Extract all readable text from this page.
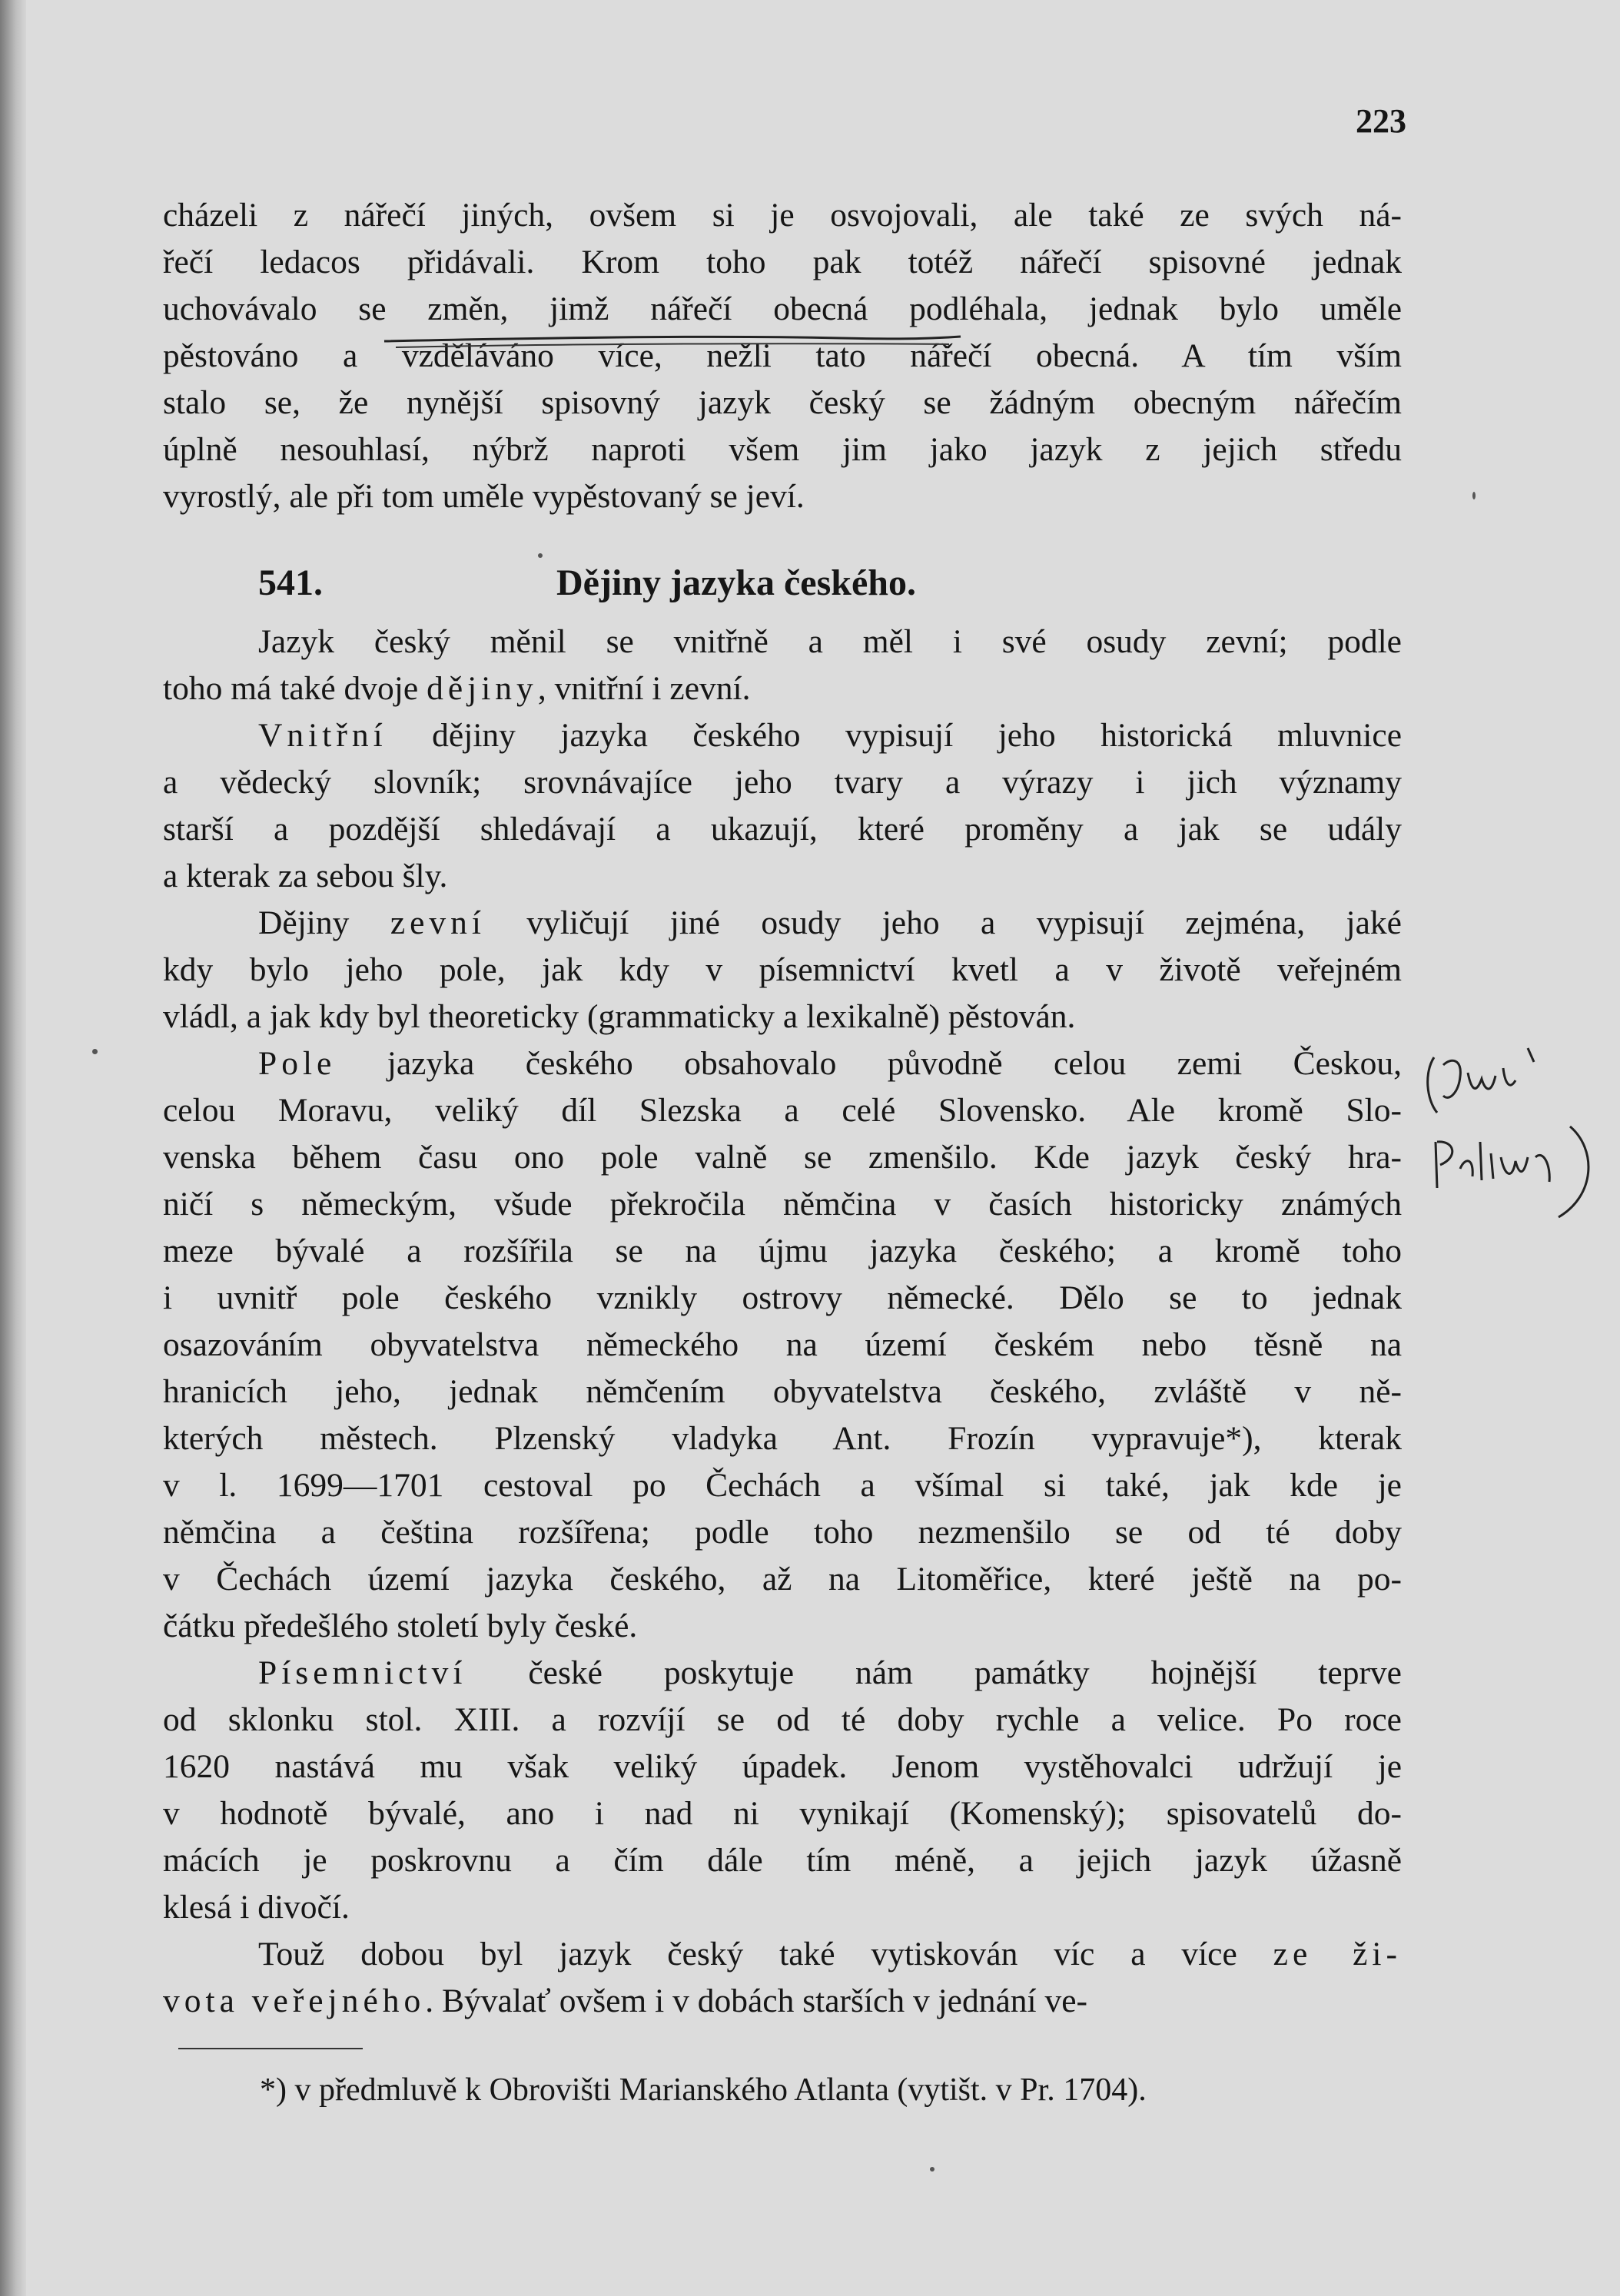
223
cházeli z nářečí jiných, ovšem si je osvojovali, ale také ze svých ná-
řečí ledacos přidávali. Krom toho pak totéž nářečí spisovné jednak
uchovávalo se změn, jimž nářečí obecná podléhala, jednak bylo uměle
pěstováno a vzděláváno více, nežli tato nářečí obecná. A tím vším
stalo se, že nynější spisovný jazyk český se žádným obecným nářečím
úplně nesouhlasí, nýbrž naproti všem jim jako jazyk z jejich středu
vyrostlý, ale při tom uměle vypěstovaný se jeví.
541.	Dějiny jazyka českého.
Jazyk český měnil se vnitřně a měl i své osudy zevní; podle
toho má také dvoje dějiny, vnitřní i zevní.
Vnitřní dějiny jazyka českého vypisují jeho historická mluvnice
a vědecký slovník; srovnávajíce jeho tvary a výrazy i jich významy
starší a pozdější shledávají a ukazují, které proměny a jak se udály
a kterak za sebou šly.
Dějiny zevní vyličují jiné osudy jeho a vypisují zejména, jaké
kdy bylo jeho pole, jak kdy v písemnictví kvetl a v životě veřejném
vládl, a jak kdy byl theoreticky (grammaticky a lexikalně) pěstován.
Pole jazyka českého obsahovalo původně celou zemi Českou,
celou Moravu, veliký díl Slezska a celé Slovensko. Ale kromě Slo-
venska během času ono pole valně se zmenšilo. Kde jazyk český hra-
ničí s německým, všude překročila němčina v časích historicky známých
meze bývalé a rozšířila se na újmu jazyka českého; a kromě toho
i uvnitř pole českého vznikly ostrovy německé. Dělo se to jednak
osazováním obyvatelstva německého na území českém nebo těsně na
hranicích jeho, jednak němčením obyvatelstva českého, zvláště v ně-
kterých městech. Plzenský vladyka Ant. Frozín vypravuje*), kterak
v l. 1699—1701 cestoval po Čechách a všímal si také, jak kde je
němčina a čeština rozšířena; podle toho nezmenšilo se od té doby
v Čechách území jazyka českého, až na Litoměřice, které ještě na po-
čátku předešlého století byly české.
Písemnictví české poskytuje nám památky hojnější teprve
od sklonku stol. XIII. a rozvíjí se od té doby rychle a velice. Po roce
1620 nastává mu však veliký úpadek. Jenom vystěhovalci udržují je
v hodnotě bývalé, ano i nad ni vynikají (Komenský); spisovatelů do-
mácích je poskrovnu a čím dále tím méně, a jejich jazyk úžasně
klesá i divočí.
Touž dobou byl jazyk český také vytiskován víc a více ze ži-
vota veřejného. Bývalať ovšem i v dobách starších v jednání ve-
*) v předmluvě k Obrovišti Marianského Atlanta (vytišt. v Pr. 1704).
